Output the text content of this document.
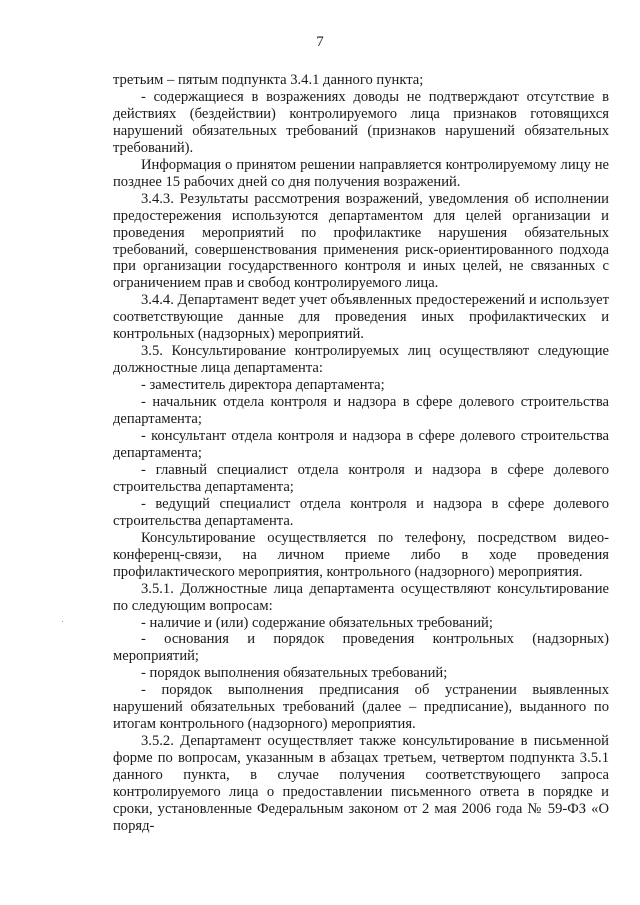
7

третьим – пятым подпункта 3.4.1 данного пункта;

- содержащиеся в возражениях доводы не подтверждают отсутствие в действиях (бездействии) контролируемого лица признаков готовящихся нарушений обязательных требований (признаков нарушений обязательных требований).

Информация о принятом решении направляется контролируемому лицу не позднее 15 рабочих дней со дня получения возражений.

3.4.3. Результаты рассмотрения возражений, уведомления об исполнении предостережения используются департаментом для целей организации и проведения мероприятий по профилактике нарушения обязательных требований, совершенствования применения риск-ориентированного подхода при организации государственного контроля и иных целей, не связанных с ограничением прав и свобод контролируемого лица.

3.4.4. Департамент ведет учет объявленных предостережений и использует соответствующие данные для проведения иных профилактических и контрольных (надзорных) мероприятий.

3.5. Консультирование контролируемых лиц осуществляют следующие должностные лица департамента:

- заместитель директора департамента;

- начальник отдела контроля и надзора в сфере долевого строительства департамента;

- консультант отдела контроля и надзора в сфере долевого строительства департамента;

- главный специалист отдела контроля и надзора в сфере долевого строительства департамента;

- ведущий специалист отдела контроля и надзора в сфере долевого строительства департамента.

Консультирование осуществляется по телефону, посредством видео-конференц-связи, на личном приеме либо в ходе проведения профилактического мероприятия, контрольного (надзорного) мероприятия.

3.5.1. Должностные лица департамента осуществляют консультирование по следующим вопросам:

- наличие и (или) содержание обязательных требований;

- основания и порядок проведения контрольных (надзорных) мероприятий;

- порядок выполнения обязательных требований;

- порядок выполнения предписания об устранении выявленных нарушений обязательных требований (далее – предписание), выданного по итогам контрольного (надзорного) мероприятия.

3.5.2. Департамент осуществляет также консультирование в письменной форме по вопросам, указанным в абзацах третьем, четвертом подпункта 3.5.1 данного пункта, в случае получения соответствующего запроса контролируемого лица о предоставлении письменного ответа в порядке и сроки, установленные Федеральным законом от 2 мая 2006 года № 59-ФЗ «О поряд-
